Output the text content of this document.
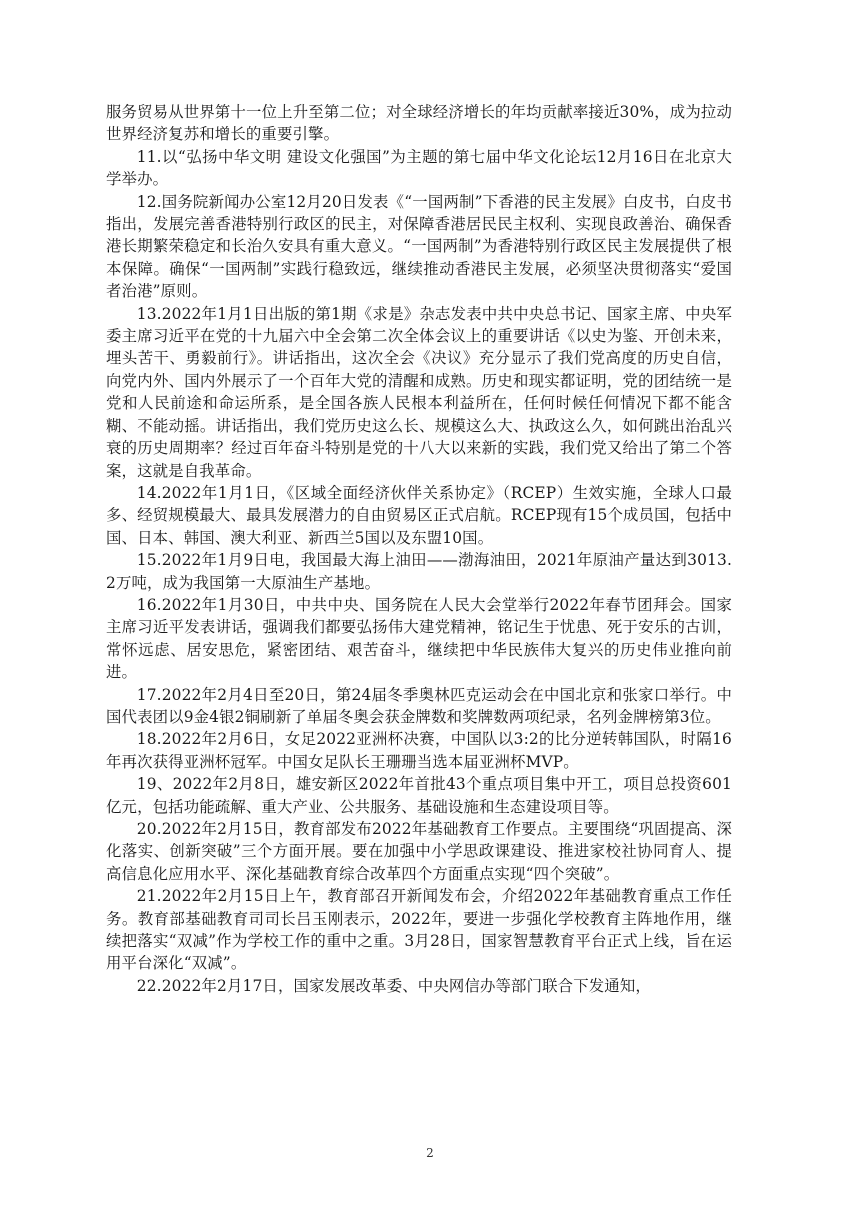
服务贸易从世界第十一位上升至第二位；对全球经济增长的年均贡献率接近30%，成为拉动世界经济复苏和增长的重要引擎。

11.以“弘扬中华文明 建设文化强国”为主题的第七届中华文化论坛12月16日在北京大学举办。

12.国务院新闻办公室12月20日发表《“一国两制”下香港的民主发展》白皮书，白皮书指出，发展完善香港特别行政区的民主，对保障香港居民民主权利、实现良政善治、确保香港长期繁荣稳定和长治久安具有重大意义。“一国两制”为香港特别行政区民主发展提供了根本保障。确保“一国两制”实践行稳致远，继续推动香港民主发展，必须坚决贯彻落实“爱国者治港”原则。

13.2022年1月1日出版的第1期《求是》杂志发表中共中央总书记、国家主席、中央军委主席习近平在党的十九届六中全会第二次全体会议上的重要讲话《以史为鉴、开创未来，埋头苦干、勇毅前行》。讲话指出，这次全会《决议》充分显示了我们党高度的历史自信，向党内外、国内外展示了一个百年大党的清醒和成熟。历史和现实都证明，党的团结统一是党和人民前途和命运所系，是全国各族人民根本利益所在，任何时候任何情况下都不能含糊、不能动摇。讲话指出，我们党历史这么长、规模这么大、执政这么久，如何跳出治乱兴衰的历史周期率？经过百年奋斗特别是党的十八大以来新的实践，我们党又给出了第二个答案，这就是自我革命。

14.2022年1月1日，《区域全面经济伙伴关系协定》（RCEP）生效实施，全球人口最多、经贸规模最大、最具发展潜力的自由贸易区正式启航。RCEP现有15个成员国，包括中国、日本、韩国、澳大利亚、新西兰5国以及东盟10国。

15.2022年1月9日电，我国最大海上油田——渤海油田，2021年原油产量达到3013.2万吨，成为我国第一大原油生产基地。

16.2022年1月30日，中共中央、国务院在人民大会堂举行2022年春节团拜会。国家主席习近平发表讲话，强调我们都要弘扬伟大建党精神，铭记生于忧患、死于安乐的古训，常怀远虑、居安思危，紧密团结、艰苦奋斗，继续把中华民族伟大复兴的历史伟业推向前进。

17.2022年2月4日至20日，第24届冬季奥林匹克运动会在中国北京和张家口举行。中国代表团以9金4银2铜刷新了单届冬奥会获金牌数和奖牌数两项纪录，名列金牌榜第3位。

18.2022年2月6日，女足2022亚洲杯决赛，中国队以3:2的比分逆转韩国队，时隔16年再次获得亚洲杯冠军。中国女足队长王珊珊当选本届亚洲杯MVP。

19、2022年2月8日，雄安新区2022年首批43个重点项目集中开工，项目总投资601亿元，包括功能疏解、重大产业、公共服务、基础设施和生态建设项目等。

20.2022年2月15日，教育部发布2022年基础教育工作要点。主要围绕“巩固提高、深化落实、创新突破”三个方面开展。要在加强中小学思政课建设、推进家校社协同育人、提高信息化应用水平、深化基础教育综合改革四个方面重点实现“四个突破”。

21.2022年2月15日上午，教育部召开新闻发布会，介绍2022年基础教育重点工作任务。教育部基础教育司司长吕玉刚表示，2022年，要进一步强化学校教育主阵地作用，继续把落实“双减”作为学校工作的重中之重。3月28日，国家智慧教育平台正式上线，旨在运用平台深化“双减”。

22.2022年2月17日，国家发展改革委、中央网信办等部门联合下发通知，

2
